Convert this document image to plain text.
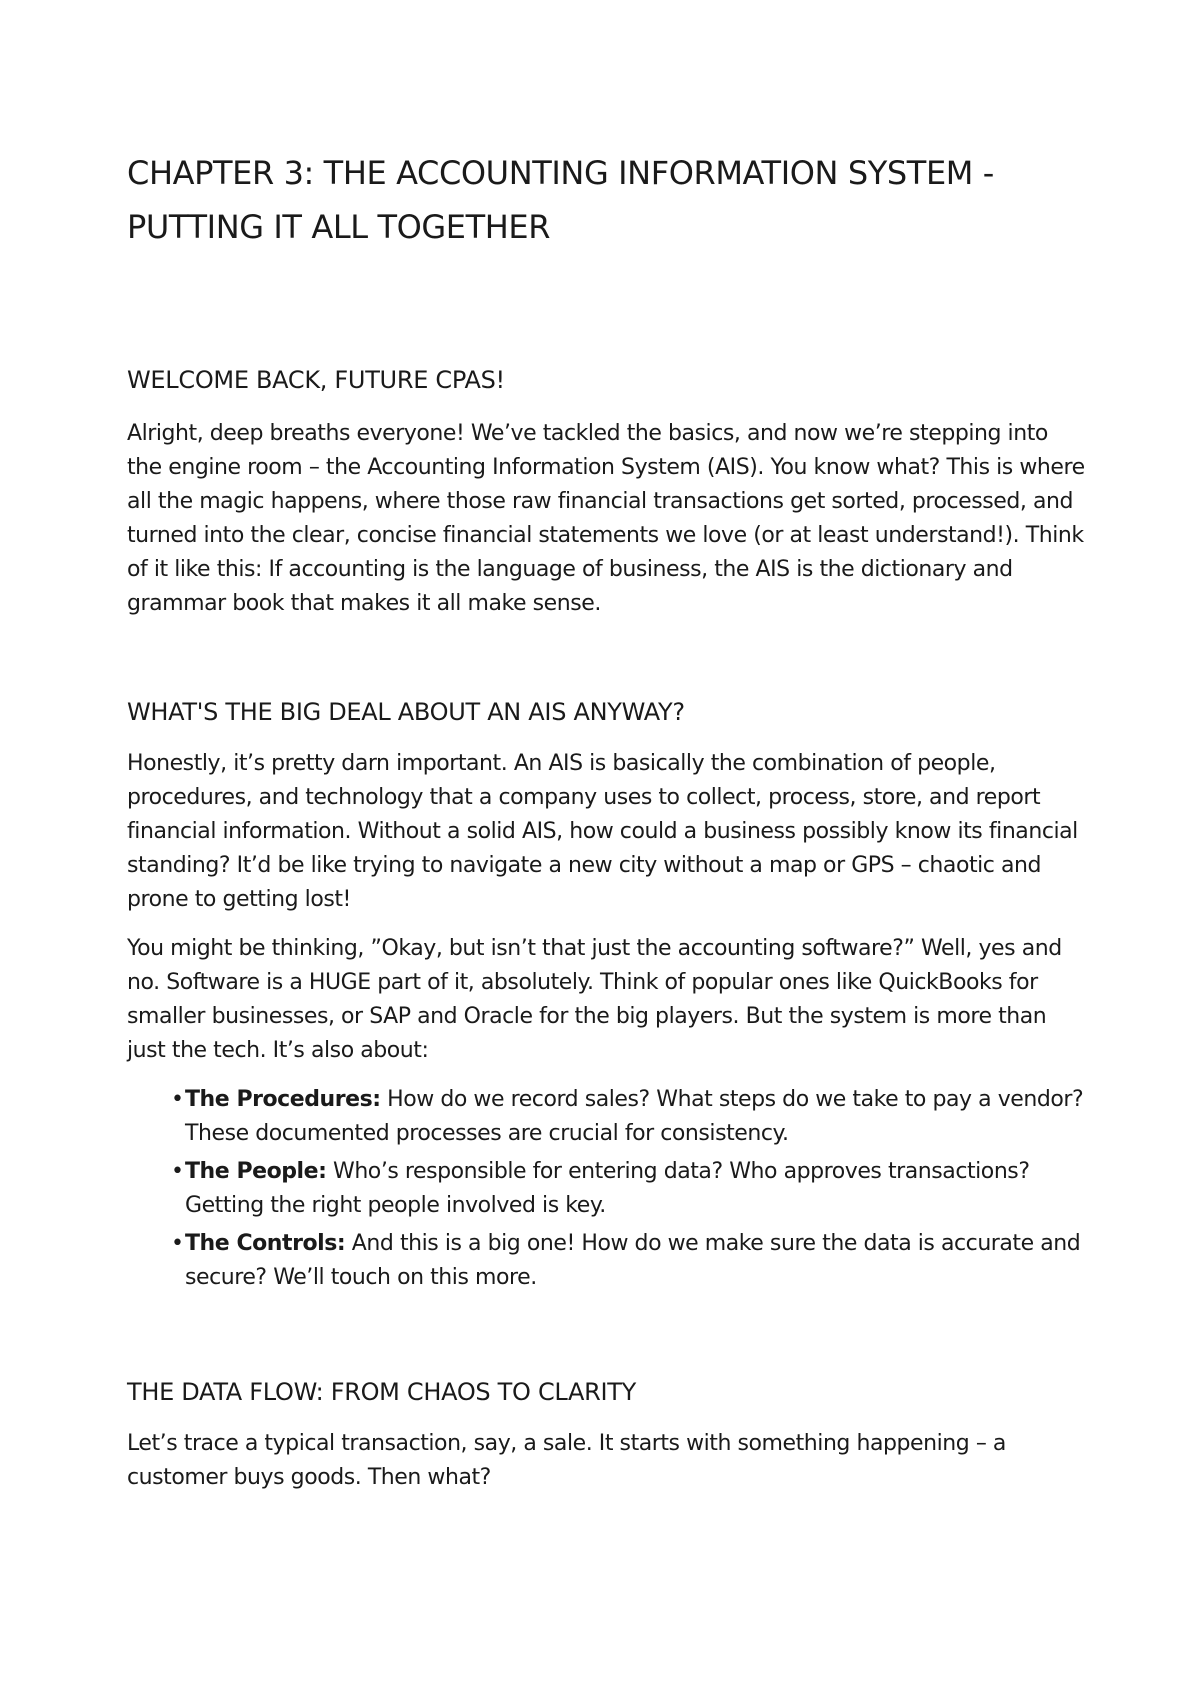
CHAPTER 3: THE ACCOUNTING INFORMATION SYSTEM -
PUTTING IT ALL TOGETHER
WELCOME BACK, FUTURE CPAS!

Alright, deep breaths everyone! We’ve tackled the basics, and now we’re stepping into the engine room – the Accounting Information System (AIS). You know what? This is where all the magic happens, where those raw financial transactions get sorted, processed, and turned into the clear, concise financial statements we love (or at least understand!). Think of it like this: If accounting is the language of business, the AIS is the dictionary and grammar book that makes it all make sense.

WHAT'S THE BIG DEAL ABOUT AN AIS ANYWAY?

Honestly, it’s pretty darn important. An AIS is basically the combination of people, procedures, and technology that a company uses to collect, process, store, and report financial information. Without a solid AIS, how could a business possibly know its financial standing? It’d be like trying to navigate a new city without a map or GPS – chaotic and prone to getting lost!

You might be thinking, ”Okay, but isn’t that just the accounting software?” Well, yes and no. Software is a HUGE part of it, absolutely. Think of popular ones like QuickBooks for smaller businesses, or SAP and Oracle for the big players. But the system is more than just the tech. It’s also about:

• The Procedures: How do we record sales? What steps do we take to pay a vendor? These documented processes are crucial for consistency.
• The People: Who’s responsible for entering data? Who approves transactions? Getting the right people involved is key.
• The Controls: And this is a big one! How do we make sure the data is accurate and secure? We’ll touch on this more.
THE DATA FLOW: FROM CHAOS TO CLARITY

Let’s trace a typical transaction, say, a sale. It starts with something happening – a customer buys goods. Then what?
